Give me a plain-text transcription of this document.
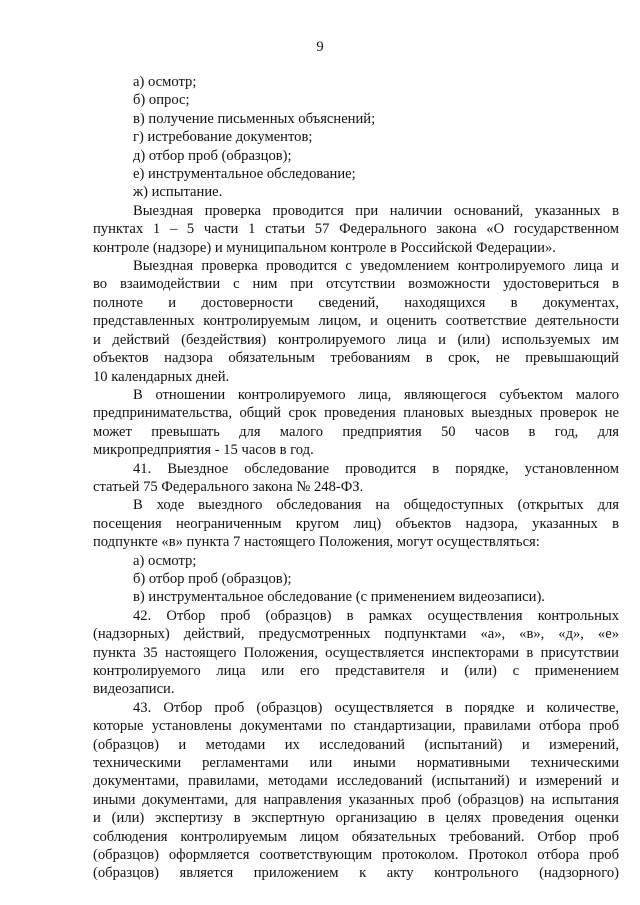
9
а) осмотр;
б) опрос;
в) получение письменных объяснений;
г) истребование документов;
д) отбор проб (образцов);
е) инструментальное обследование;
ж) испытание.
Выездная проверка проводится при наличии оснований, указанных в
пунктах 1 – 5 части 1 статьи 57 Федерального закона «О государственном
контроле (надзоре) и муниципальном контроле в Российской Федерации».
Выездная проверка проводится с уведомлением контролируемого лица и
во взаимодействии с ним при отсутствии возможности удостовериться в
полноте и достоверности сведений, находящихся в документах,
представленных контролируемым лицом, и оценить соответствие деятельности
и действий (бездействия) контролируемого лица и (или) используемых им
объектов надзора обязательным требованиям в срок, не превышающий
10 календарных дней.
В отношении контролируемого лица, являющегося субъектом малого
предпринимательства, общий срок проведения плановых выездных проверок не
может превышать для малого предприятия 50 часов в год, для
микропредприятия - 15 часов в год.
41. Выездное обследование проводится в порядке, установленном
статьей 75 Федерального закона № 248-ФЗ.
В ходе выездного обследования на общедоступных (открытых для
посещения неограниченным кругом лиц) объектов надзора, указанных в
подпункте «в» пункта 7 настоящего Положения, могут осуществляться:
а) осмотр;
б) отбор проб (образцов);
в) инструментальное обследование (с применением видеозаписи).
42. Отбор проб (образцов) в рамках осуществления контрольных
(надзорных) действий, предусмотренных подпунктами «а», «в», «д», «е»
пункта 35 настоящего Положения, осуществляется инспекторами в присутствии
контролируемого лица или его представителя и (или) с применением
видеозаписи.
43. Отбор проб (образцов) осуществляется в порядке и количестве,
которые установлены документами по стандартизации, правилами отбора проб
(образцов) и методами их исследований (испытаний) и измерений,
техническими регламентами или иными нормативными техническими
документами, правилами, методами исследований (испытаний) и измерений и
иными документами, для направления указанных проб (образцов) на испытания
и (или) экспертизу в экспертную организацию в целях проведения оценки
соблюдения контролируемым лицом обязательных требований. Отбор проб
(образцов) оформляется соответствующим протоколом. Протокол отбора проб
(образцов) является приложением к акту контрольного (надзорного)
